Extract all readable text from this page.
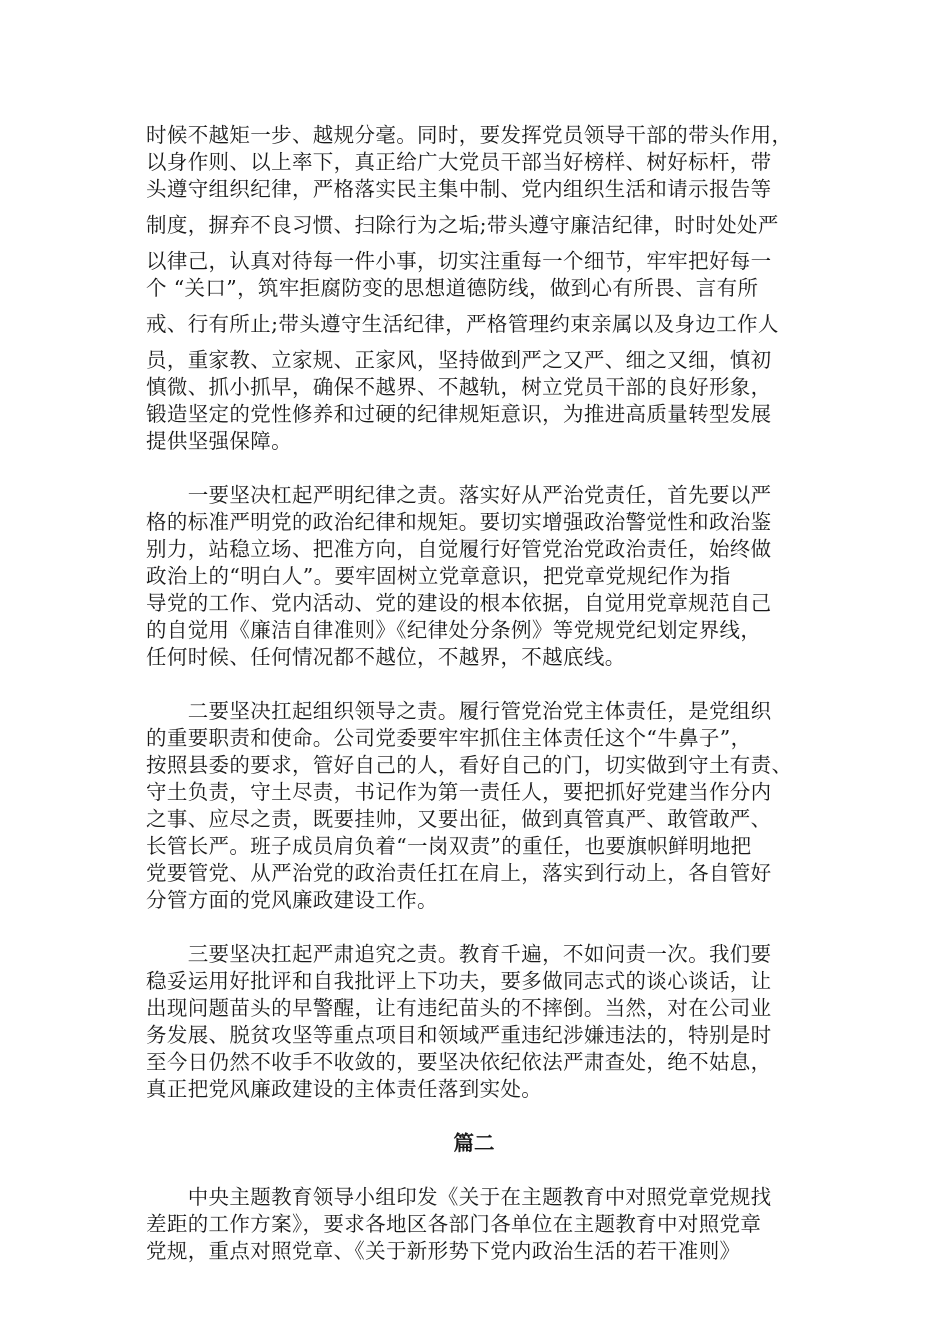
时候不越矩一步、越规分毫。同时，要发挥党员领导干部的带头作用，
以身作则、以上率下，真正给广大党员干部当好榜样、树好标杆，带
头遵守组织纪律，严格落实民主集中制、党内组织生活和请示报告等
制度，摒弃不良习惯、扫除行为之垢;带头遵守廉洁纪律，时时处处严
以律己，认真对待每一件小事，切实注重每一个细节，牢牢把好每一
个 “关口”，筑牢拒腐防变的思想道德防线，做到心有所畏、言有所
戒、行有所止;带头遵守生活纪律，严格管理约束亲属以及身边工作人
员，重家教、立家规、正家风，坚持做到严之又严、细之又细，慎初
慎微、抓小抓早，确保不越界、不越轨，树立党员干部的良好形象，
锻造坚定的党性修养和过硬的纪律规矩意识，为推进高质量转型发展
提供坚强保障。
　　一要坚决杠起严明纪律之责。落实好从严治党责任，首先要以严
格的标准严明党的政治纪律和规矩。要切实增强政治警觉性和政治鉴
别力，站稳立场、把准方向，自觉履行好管党治党政治责任，始终做
政治上的“明白人”。要牢固树立党章意识，把党章党规纪作为指
导党的工作、党内活动、党的建设的根本依据，自觉用党章规范自己
的自觉用《廉洁自律准则》《纪律处分条例》等党规党纪划定界线，
任何时候、任何情况都不越位，不越界，不越底线。
　　二要坚决扛起组织领导之责。履行管党治党主体责任，是党组织
的重要职责和使命。公司党委要牢牢抓住主体责任这个“牛鼻子”，
按照县委的要求，管好自己的人，看好自己的门，切实做到守土有责、
守土负责，守土尽责，书记作为第一责任人，要把抓好党建当作分内
之事、应尽之责，既要挂帅，又要出征，做到真管真严、敢管敢严、
长管长严。班子成员肩负着“一岗双责”的重任，也要旗帜鲜明地把
党要管党、从严治党的政治责任扛在肩上，落实到行动上，各自管好
分管方面的党风廉政建设工作。
　　三要坚决扛起严肃追究之责。教育千遍，不如问责一次。我们要
稳妥运用好批评和自我批评上下功夫，要多做同志式的谈心谈话，让
出现问题苗头的早警醒，让有违纪苗头的不摔倒。当然，对在公司业
务发展、脱贫攻坚等重点项目和领域严重违纪涉嫌违法的，特别是时
至今日仍然不收手不收敛的，要坚决依纪依法严肃查处，绝不姑息，
真正把党风廉政建设的主体责任落到实处。
篇二
　　中央主题教育领导小组印发《关于在主题教育中对照党章党规找
差距的工作方案》，要求各地区各部门各单位在主题教育中对照党章
党规，重点对照党章、《关于新形势下党内政治生活的若干准则》
